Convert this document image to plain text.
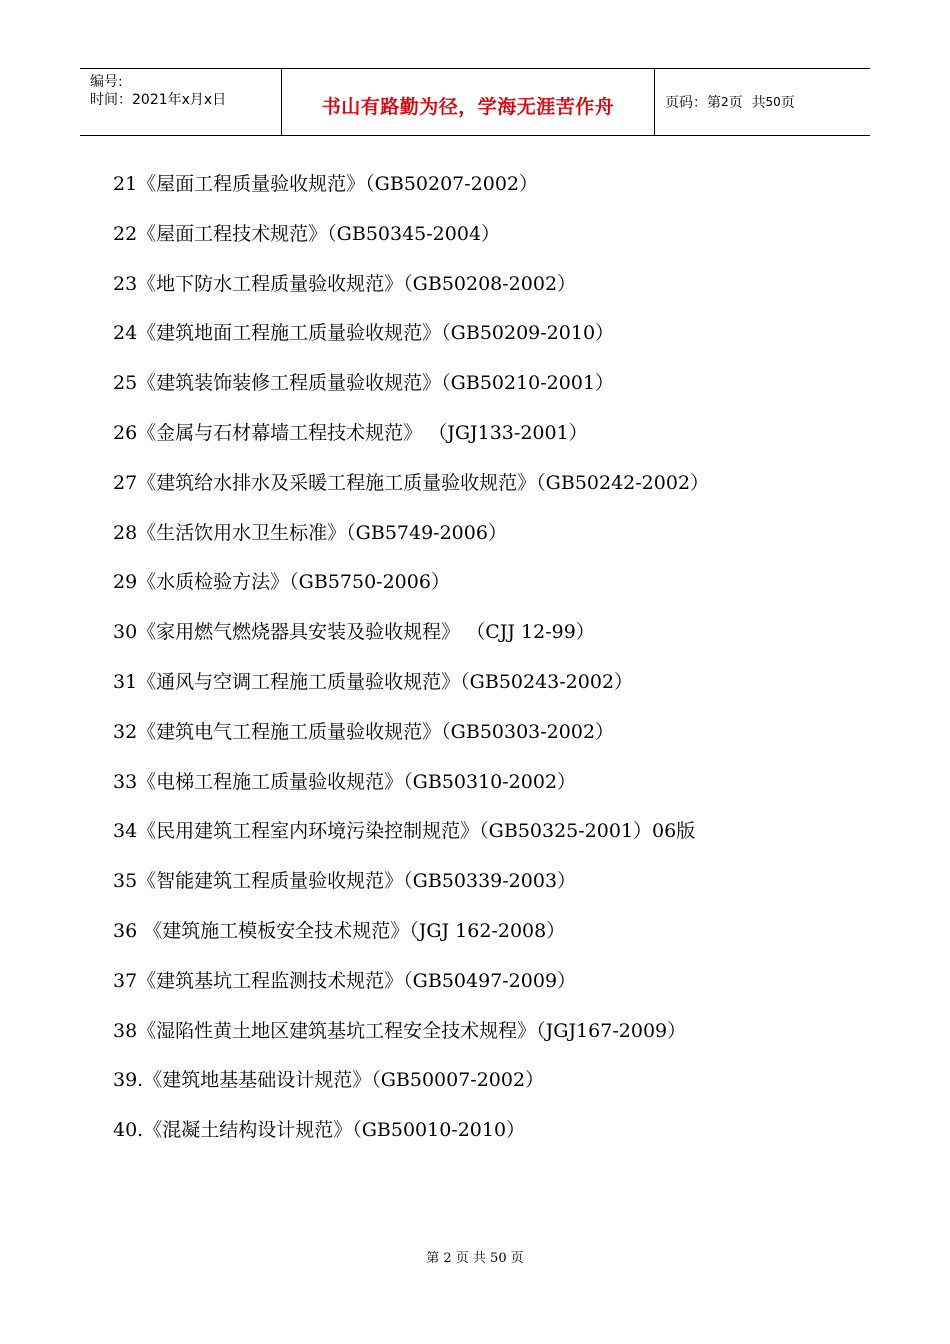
编号:
时间：2021年x月x日	书山有路勤为径，学海无涯苦作舟	页码：第 2 页  共 50 页
21《屋面工程质量验收规范》（GB50207-2002）
22《屋面工程技术规范》（GB50345-2004）
23《地下防水工程质量验收规范》（GB50208-2002）
24《建筑地面工程施工质量验收规范》（GB50209-2010）
25《建筑装饰装修工程质量验收规范》（GB50210-2001）
26《金属与石材幕墙工程技术规范》 （JGJ133-2001）
27《建筑给水排水及采暖工程施工质量验收规范》（GB50242-2002）
28《生活饮用水卫生标准》（GB5749-2006）
29《水质检验方法》（GB5750-2006）
30《家用燃气燃烧器具安装及验收规程》 （CJJ 12-99）
31《通风与空调工程施工质量验收规范》（GB50243-2002）
32《建筑电气工程施工质量验收规范》（GB50303-2002）
33《电梯工程施工质量验收规范》（GB50310-2002）
34《民用建筑工程室内环境污染控制规范》（GB50325-2001）06版
35《智能建筑工程质量验收规范》（GB50339-2003）
36 《建筑施工模板安全技术规范》（JGJ 162-2008）
37《建筑基坑工程监测技术规范》（GB50497-2009）
38《湿陷性黄土地区建筑基坑工程安全技术规程》（JGJ167-2009）
39.《建筑地基基础设计规范》（GB50007-2002）
40.《混凝土结构设计规范》（GB50010-2010）
第 2 页 共 50 页
